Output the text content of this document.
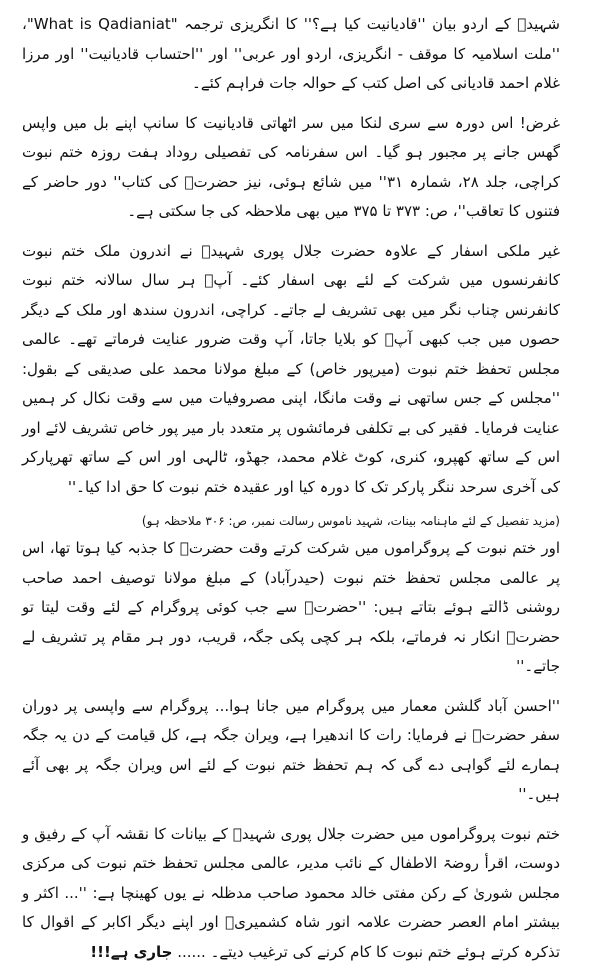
شہیدؒ کے اردو بیان ''قادیانیت کیا ہے؟'' کا انگریزی ترجمہ "What is Qadianiat"، ''ملت اسلامیہ کا موقف - انگریزی، اردو اور عربی'' اور ''احتساب قادیانیت'' اور مرزا غلام احمد قادیانی کی اصل کتب کے حوالہ جات فراہم کئے۔

غرض! اس دورہ سے سری لنکا میں سر اٹھاتی قادیانیت کا سانپ اپنے بل میں واپس گھس جانے پر مجبور ہو گیا۔ اس سفرنامہ کی تفصیلی روداد ہفت روزہ ختم نبوت کراچی، جلد ۲۸، شمارہ ۳۱'' میں شائع ہوئی، نیز حضرتؒ کی کتاب'' دور حاضر کے فتنوں کا تعاقب''، ص: ۳۷۳ تا ۳۷۵ میں بھی ملاحظہ کی جا سکتی ہے۔

غیر ملکی اسفار کے علاوہ حضرت جلال پوری شہیدؒ نے اندرون ملک ختم نبوت کانفرنسوں میں شرکت کے لئے بھی اسفار کئے۔ آپؒ ہر سال سالانہ ختم نبوت کانفرنس چناب نگر میں بھی تشریف لے جاتے۔ کراچی، اندرون سندھ اور ملک کے دیگر حصوں میں جب کبھی آپؒ کو بلایا جاتا، آپ وقت ضرور عنایت فرماتے تھے۔ عالمی مجلس تحفظ ختم نبوت (میرپور خاص) کے مبلغ مولانا محمد علی صدیقی کے بقول: ''مجلس کے جس ساتھی نے وقت مانگا، اپنی مصروفیات میں سے وقت نکال کر ہمیں عنایت فرمایا۔ فقیر کی بے تکلفی فرمائشوں پر متعدد بار میر پور خاص تشریف لائے اور اس کے ساتھ کھپرو، کنری، کوٹ غلام محمد، جھڈو، ٹالہی اور اس کے ساتھ تھرپارکر کی آخری سرحد ننگر پارکر تک کا دورہ کیا اور عقیدہ ختم نبوت کا حق ادا کیا۔''

(مزید تفصیل کے لئے ماہنامہ بینات، شہید ناموس رسالت نمبر، ص: ۳۰۶ ملاحظہ ہو)

اور ختم نبوت کے پروگراموں میں شرکت کرتے وقت حضرتؒ کا جذبہ کیا ہوتا تھا، اس پر عالمی مجلس تحفظ ختم نبوت (حیدرآباد) کے مبلغ مولانا توصیف احمد صاحب روشنی ڈالتے ہوئے بتاتے ہیں: ''حضرتؒ سے جب کوئی پروگرام کے لئے وقت لیتا تو حضرتؒ انکار نہ فرماتے، بلکہ ہر کچی پکی جگہ، قریب، دور ہر مقام پر تشریف لے جاتے۔''

''احسن آباد گلشن معمار میں پروگرام میں جانا ہوا... پروگرام سے واپسی پر دوران سفر حضرتؒ نے فرمایا: رات کا اندھیرا ہے، ویران جگہ ہے، کل قیامت کے دن یہ جگہ ہمارے لئے گواہی دے گی کہ ہم تحفظ ختم نبوت کے لئے اس ویران جگہ پر بھی آئے ہیں۔''

ختم نبوت پروگراموں میں حضرت جلال پوری شہیدؒ کے بیانات کا نقشہ آپ کے رفیق و دوست، اقرأ روضۃ الاطفال کے نائب مدیر، عالمی مجلس تحفظ ختم نبوت کی مرکزی مجلس شوریٰ کے رکن مفتی خالد محمود صاحب مدظلہ نے یوں کھینچا ہے: ''... اکثر و بیشتر امام العصر حضرت علامہ انور شاہ کشمیریؒ اور اپنے دیگر اکابر کے اقوال کا تذکرہ کرتے ہوئے ختم نبوت کا کام کرنے کی ترغیب دیتے۔ ...... جاری ہے!!!
